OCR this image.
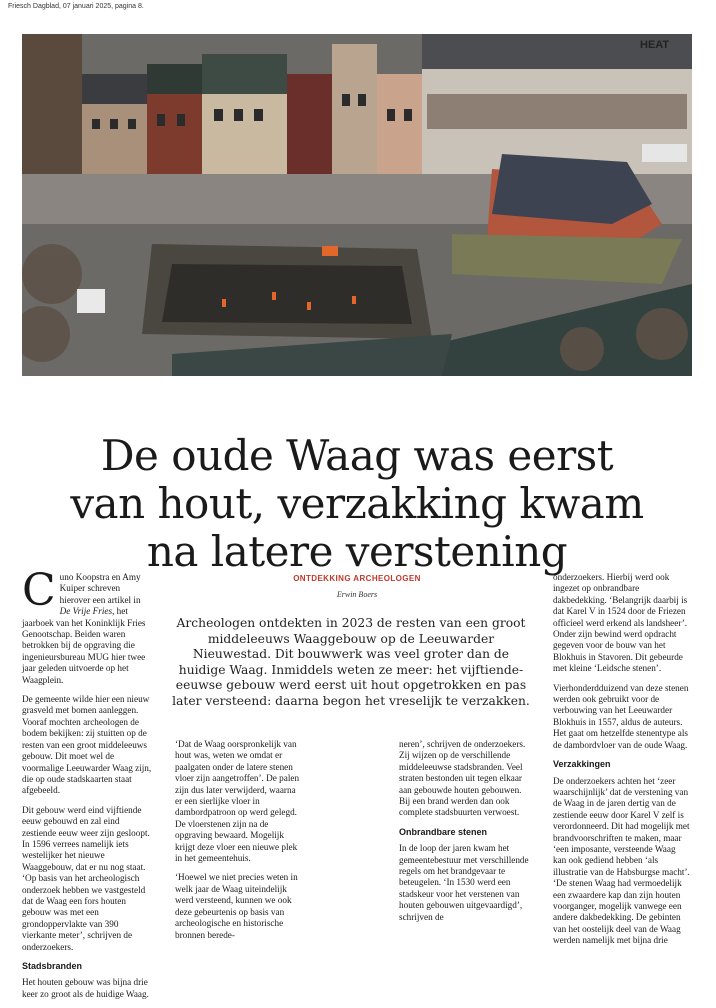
Friesch Dagblad, 07 januari 2025, pagina 8.
HEAT
De oude Waag was eerst
van hout, verzakking kwam
na latere verstening

Cuno Koopstra en Amy Kuiper schreven hierover een artikel in De Vrije Fries, het jaarboek van het Koninklijk Fries Genootschap. Beiden waren betrokken bij de opgraving die ingenieursbureau MUG hier twee jaar geleden uitvoerde op het Waagplein.

De gemeente wilde hier een nieuw grasveld met bomen aanleggen. Vooraf mochten archeologen de bodem bekijken: zij stuitten op de resten van een groot middeleeuws gebouw. Dit moet wel de voormalige Leeuwarder Waag zijn, die op oude stadskaarten staat afgebeeld.

Dit gebouw werd eind vijftiende eeuw gebouwd en zal eind zestiende eeuw weer zijn gesloopt. In 1596 verrees namelijk iets westelijker het nieuwe Waaggebouw, dat er nu nog staat. ‘Op basis van het archeologisch onderzoek hebben we vastgesteld dat de Waag een fors houten gebouw was met een grondoppervlakte van 390 vierkante meter’, schrijven de onderzoekers.

Stadsbranden

Het houten gebouw was bijna drie keer zo groot als de huidige Waag.

ONTDEKKING ARCHEOLOGEN
Erwin Boers
Archeologen ontdekten in 2023 de resten van een groot middeleeuws Waaggebouw op de Leeuwarder Nieuwestad. Dit bouwwerk was veel groter dan de huidige Waag. Inmiddels weten ze meer: het vijftiende-eeuwse gebouw werd eerst uit hout opgetrokken en pas later versteend: daarna begon het vreselijk te verzakken.

‘Dat de Waag oorspronkelijk van hout was, weten we omdat er paalgaten onder de latere stenen vloer zijn aangetroffen’. De palen zijn dus later verwijderd, waarna er een sierlijke vloer in dambordpatroon op werd gelegd. De vloerstenen zijn na de opgraving bewaard. Mogelijk krijgt deze vloer een nieuwe plek in het gemeentehuis.

‘Hoewel we niet precies weten in welk jaar de Waag uiteindelijk werd versteend, kunnen we ook deze gebeurtenis op basis van archeologische en historische bronnen berede-

neren’, schrijven de onderzoekers. Zij wijzen op de verschillende middeleeuwse stadsbranden. Veel straten bestonden uit tegen elkaar aan gebouwde houten gebouwen. Bij een brand werden dan ook complete stadsbuurten verwoest.

Onbrandbare stenen

In de loop der jaren kwam het gemeentebestuur met verschillende regels om het brandgevaar te beteugelen. ‘In 1530 werd een stadskeur voor het verstenen van houten gebouwen uitgevaardigd’, schrijven de

onderzoekers. Hierbij werd ook ingezet op onbrandbare dakbedekking. ‘Belangrijk daarbij is dat Karel V in 1524 door de Friezen officieel werd erkend als landsheer’. Onder zijn bewind werd opdracht gegeven voor de bouw van het Blokhuis in Stavoren. Dit gebeurde met kleine ‘Leidsche stenen’.

Vierhonderdduizend van deze stenen werden ook gebruikt voor de verbouwing van het Leeuwarder Blokhuis in 1557, aldus de auteurs. Het gaat om hetzelfde stenentype als de dambordvloer van de oude Waag.

Verzakkingen

De onderzoekers achten het ‘zeer waarschijnlijk’ dat de verstening van de Waag in de jaren dertig van de zestiende eeuw door Karel V zelf is verordonneerd. Dit had mogelijk met brandvoorschriften te maken, maar ‘een imposante, versteende Waag kan ook gediend hebben ‘als illustratie van de Habsburgse macht’. ‘De stenen Waag had vermoedelijk een zwaardere kap dan zijn houten voorganger, mogelijk vanwege een andere dakbedekking. De gebinten van het oostelijk deel van de Waag werden namelijk met bijna drie
